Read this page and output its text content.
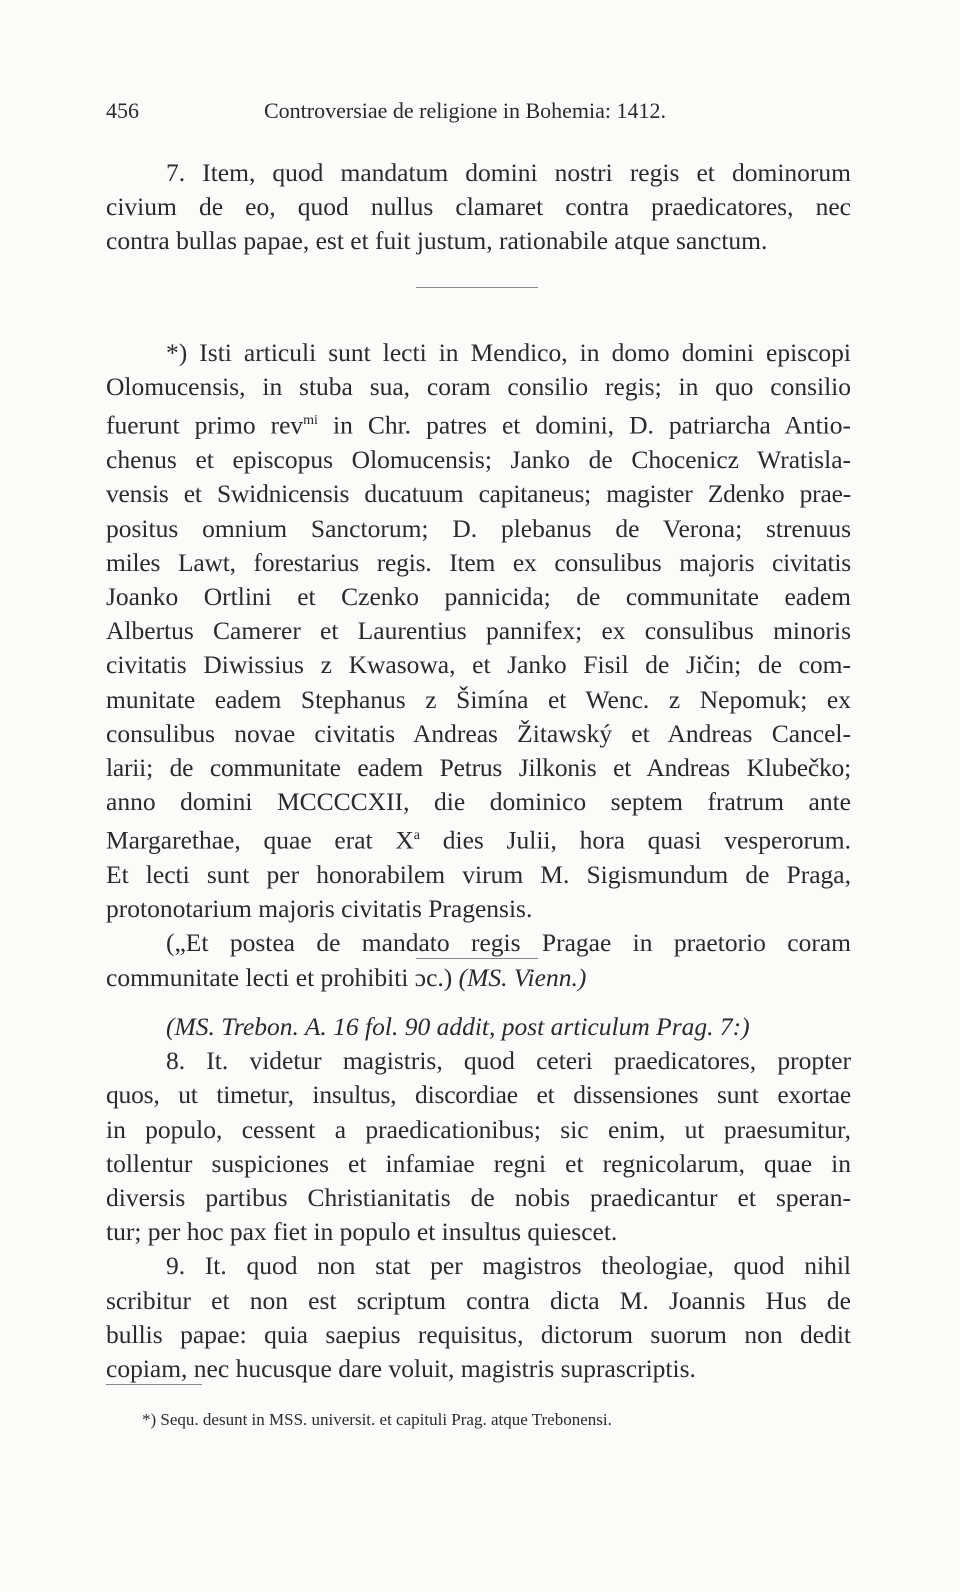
456	Controversiae de religione in Bohemia: 1412.

7. Item, quod mandatum domini nostri regis et dominorum
civium de eo, quod nullus clamaret contra praedicatores, nec
contra bullas papae, est et fuit justum, rationabile atque sanctum.

*) Isti articuli sunt lecti in Mendico, in domo domini episcopi
Olomucensis, in stuba sua, coram consilio regis; in quo consilio
fuerunt primo rev$^{mi}$ in Chr. patres et domini, D. patriarcha Antio-
chenus et episcopus Olomucensis; Janko de Chocenicz Wratisla-
vensis et Swidnicensis ducatuum capitaneus; magister Zdenko prae-
positus omnium Sanctorum; D. plebanus de Verona; strenuus
miles Lawt, forestarius regis. Item ex consulibus majoris civitatis
Joanko Ortlini et Czenko pannicida; de communitate eadem
Albertus Camerer et Laurentius pannifex; ex consulibus minoris
civitatis Diwissius z Kwasowa, et Janko Fisil de Jičin; de com-
munitate eadem Stephanus z Šimína et Wenc. z Nepomuk; ex
consulibus novae civitatis Andreas Žitawský et Andreas Cancel-
larii; de communitate eadem Petrus Jilkonis et Andreas Klubečko;
anno domini MCCCCXII, die dominico septem fratrum ante
Margarethae, quae erat $X^a$ dies Julii, hora quasi vesperorum.
Et lecti sunt per honorabilem virum M. Sigismundum de Praga,
protonotarium majoris civitatis Pragensis.
(„Et postea de mandato regis Pragae in praetorio coram
communitate lecti et prohibiti ɔc.) (MS. Vienn.)

(MS. Trebon. A. 16 fol. 90 addit, post articulum Prag. 7:)
8. It. videtur magistris, quod ceteri praedicatores, propter
quos, ut timetur, insultus, discordiae et dissensiones sunt exortae
in populo, cessent a praedicationibus; sic enim, ut praesumitur,
tollentur suspiciones et infamiae regni et regnicolarum, quae in
diversis partibus Christianitatis de nobis praedicantur et speran-
tur; per hoc pax fiet in populo et insultus quiescet.
9. It. quod non stat per magistros theologiae, quod nihil
scribitur et non est scriptum contra dicta M. Joannis Hus de
bullis papae: quia saepius requisitus, dictorum suorum non dedit
copiam, nec hucusque dare voluit, magistris suprascriptis.

*) Sequ. desunt in MSS. universit. et capituli Prag. atque Trebonensi.
